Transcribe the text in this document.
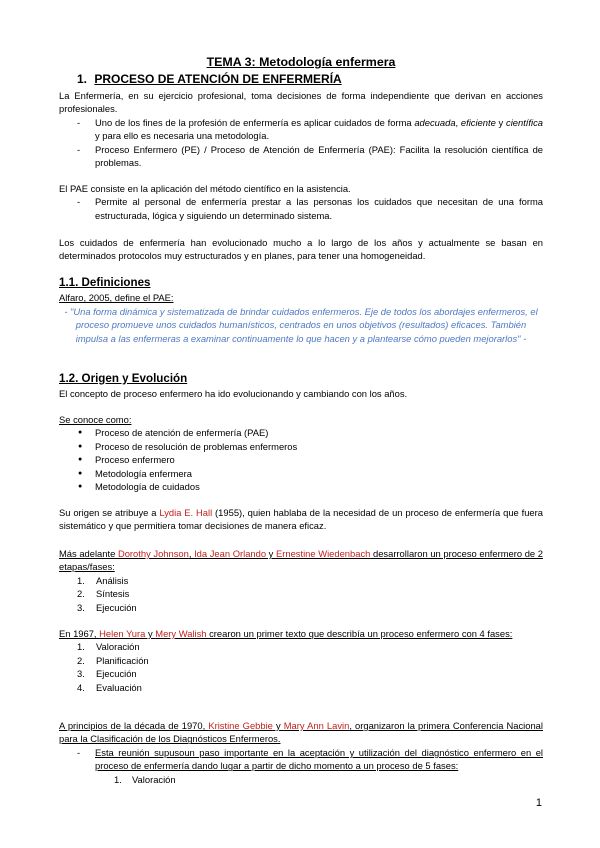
TEMA 3: Metodología enfermera
1. PROCESO DE ATENCIÓN DE ENFERMERÍA

La Enfermería, en su ejercicio profesional, toma decisiones de forma independiente que derivan en acciones profesionales.

- Uno de los fines de la profesión de enfermería es aplicar cuidados de forma adecuada, eficiente y científica y para ello es necesaria una metodología.
- Proceso Enfermero (PE) / Proceso de Atención de Enfermería (PAE): Facilita la resolución científica de problemas.

El PAE consiste en la aplicación del método científico en la asistencia.

- Permite al personal de enfermería prestar a las personas los cuidados que necesitan de una forma estructurada, lógica y siguiendo un determinado sistema.

Los cuidados de enfermería han evolucionado mucho a lo largo de los años y actualmente se basan en determinados protocolos muy estructurados y en planes, para tener una homogeneidad.

1.1. Definiciones
Alfaro, 2005, define el PAE:

- "Una forma dinámica y sistematizada de brindar cuidados enfermeros. Eje de todos los abordajes enfermeros, el proceso promueve unos cuidados humanísticos, centrados en unos objetivos (resultados) eficaces. También impulsa a las enfermeras a examinar continuamente lo que hacen y a plantearse cómo pueden mejorarlos" -

1.2. Origen y Evolución

El concepto de proceso enfermero ha ido evolucionando y cambiando con los años.

Se conoce como:
● Proceso de atención de enfermería (PAE)
● Proceso de resolución de problemas enfermeros
● Proceso enfermero
● Metodología enfermera
● Metodología de cuidados

Su origen se atribuye a Lydia E. Hall (1955), quien hablaba de la necesidad de un proceso de enfermería que fuera sistemático y que permitiera tomar decisiones de manera eficaz.

Más adelante Dorothy Johnson, Ida Jean Orlando y Ernestine Wiedenbach desarrollaron un proceso enfermero de 2 etapas/fases:

1. Análisis
2. Síntesis
3. Ejecución

En 1967, Helen Yura y Mery Walish crearon un primer texto que describía un proceso enfermero con 4 fases:

1. Valoración
2. Planificación
3. Ejecución
4. Evaluación

A principios de la década de 1970, Kristine Gebbie y Mary Ann Lavin, organizaron la primera Conferencia Nacional para la Clasificación de los Diagnósticos Enfermeros.

- Esta reunión supusoun paso importante en la aceptación y utilización del diagnóstico enfermero en el proceso de enfermería dando lugar a partir de dicho momento a un proceso de 5 fases:
1. Valoración
1
